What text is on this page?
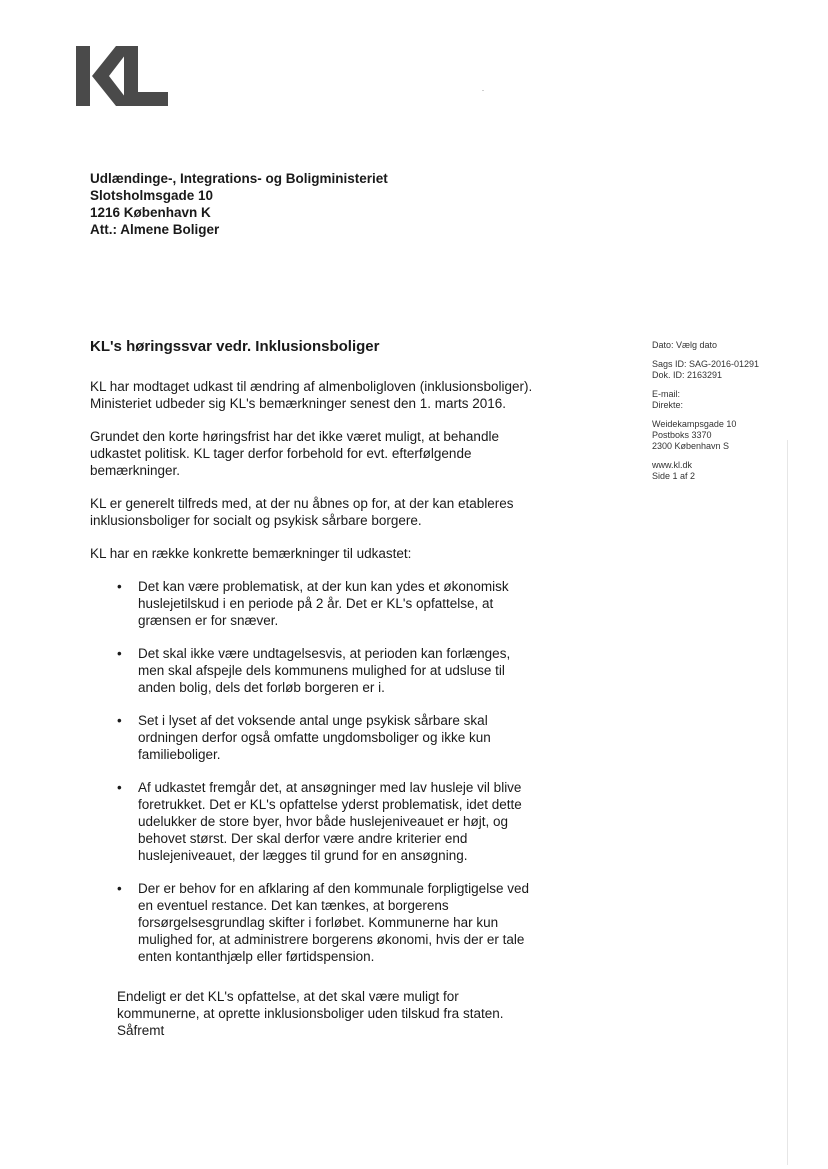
Udlændinge-, Integrations- og Boligministeriet
Slotsholmsgade 10
1216 København K
Att.: Almene Boliger
KL's høringssvar vedr. Inklusionsboliger

KL har modtaget udkast til ændring af almenboligloven (inklusionsboliger). Ministeriet udbeder sig KL's bemærkninger senest den 1. marts 2016.

Grundet den korte høringsfrist har det ikke været muligt, at behandle udkastet politisk. KL tager derfor forbehold for evt. efterfølgende bemærkninger.

KL er generelt tilfreds med, at der nu åbnes op for, at der kan etableres inklusionsboliger for socialt og psykisk sårbare borgere.

KL har en række konkrette bemærkninger til udkastet:

• Det kan være problematisk, at der kun kan ydes et økonomisk huslejetilskud i en periode på 2 år. Det er KL's opfattelse, at grænsen er for snæver.
• Det skal ikke være undtagelsesvis, at perioden kan forlænges, men skal afspejle dels kommunens mulighed for at udsluse til anden bolig, dels det forløb borgeren er i.
• Set i lyset af det voksende antal unge psykisk sårbare skal ordningen derfor også omfatte ungdomsboliger og ikke kun familieboliger.
• Af udkastet fremgår det, at ansøgninger med lav husleje vil blive foretrukket. Det er KL's opfattelse yderst problematisk, idet dette udelukker de store byer, hvor både huslejeniveauet er højt, og behovet størst. Der skal derfor være andre kriterier end huslejeniveauet, der lægges til grund for en ansøgning.
• Der er behov for en afklaring af den kommunale forpligtigelse ved en eventuel restance. Det kan tænkes, at borgerens forsørgelsesgrundlag skifter i forløbet. Kommunerne har kun mulighed for, at administrere borgerens økonomi, hvis der er tale enten kontanthjælp eller førtidspension.

Endeligt er det KL's opfattelse, at det skal være muligt for kommunerne, at oprette inklusionsboliger uden tilskud fra staten. Såfremt

Dato: Vælg dato
Sags ID: SAG-2016-01291
Dok. ID: 2163291
E-mail:
Direkte:
Weidekampsgade 10
Postboks 3370
2300 København S
www.kl.dk
Side 1 af 2
